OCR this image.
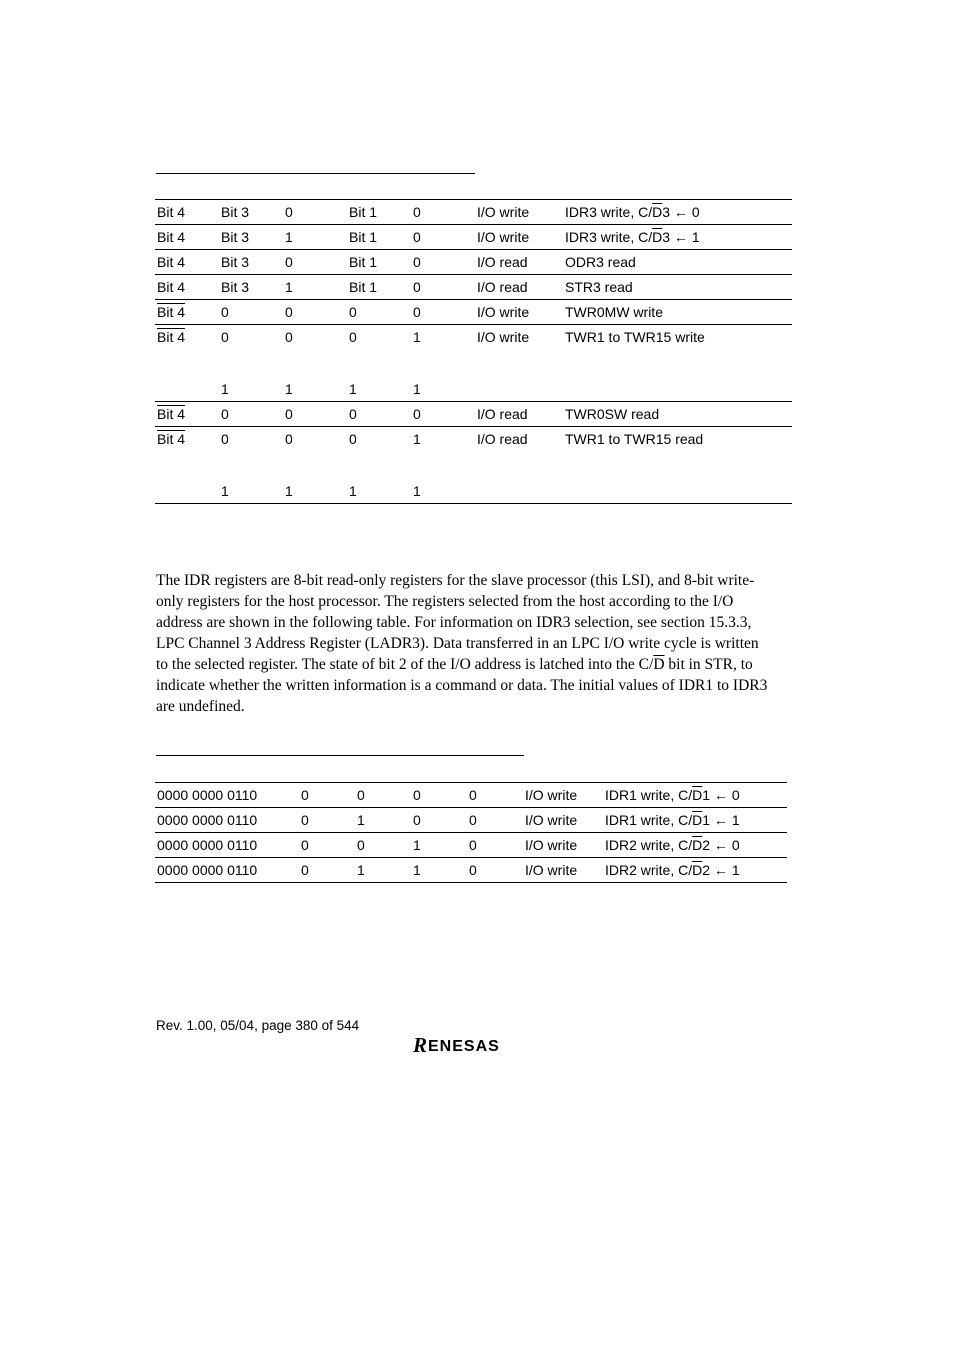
Bit 4	Bit 3	0	Bit 1	0	I/O write	IDR3 write, $C/\overline{D}3$ ← 0
Bit 4	Bit 3	1	Bit 1	0	I/O write	IDR3 write, $C/\overline{D}3$ ← 1
Bit 4	Bit 3	0	Bit 1	0	I/O read	ODR3 read
Bit 4	Bit 3	1	Bit 1	0	I/O read	STR3 read
Bit 4	0	0	0	0	I/O write	TWR0MW write
Bit 4	0	0	0	1	I/O write	TWR1 to TWR15 write

	1	1	1	1		
Bit 4	0	0	0	0	I/O read	TWR0SW read
Bit 4	0	0	0	1	I/O read	TWR1 to TWR15 read

	1	1	1	1		
The IDR registers are 8-bit read-only registers for the slave processor (this LSI), and 8-bit write-
only registers for the host processor. The registers selected from the host according to the I/O
address are shown in the following table. For information on IDR3 selection, see section 15.3.3,
LPC Channel 3 Address Register (LADR3). Data transferred in an LPC I/O write cycle is written
to the selected register. The state of bit 2 of the I/O address is latched into the $C/\overline{D}$ bit in STR, to
indicate whether the written information is a command or data. The initial values of IDR1 to IDR3
are undefined.
0000 0000 0110	0	0	0	0	I/O write	IDR1 write, $C/\overline{D}1$ ← 0
0000 0000 0110	0	1	0	0	I/O write	IDR1 write, $C/\overline{D}1$ ← 1
0000 0000 0110	0	0	1	0	I/O write	IDR2 write, $C/\overline{D}2$ ← 0
0000 0000 0110	0	1	1	0	I/O write	IDR2 write, $C/\overline{D}2$ ← 1
Rev. 1.00, 05/04, page 380 of 544
R ENESAS
